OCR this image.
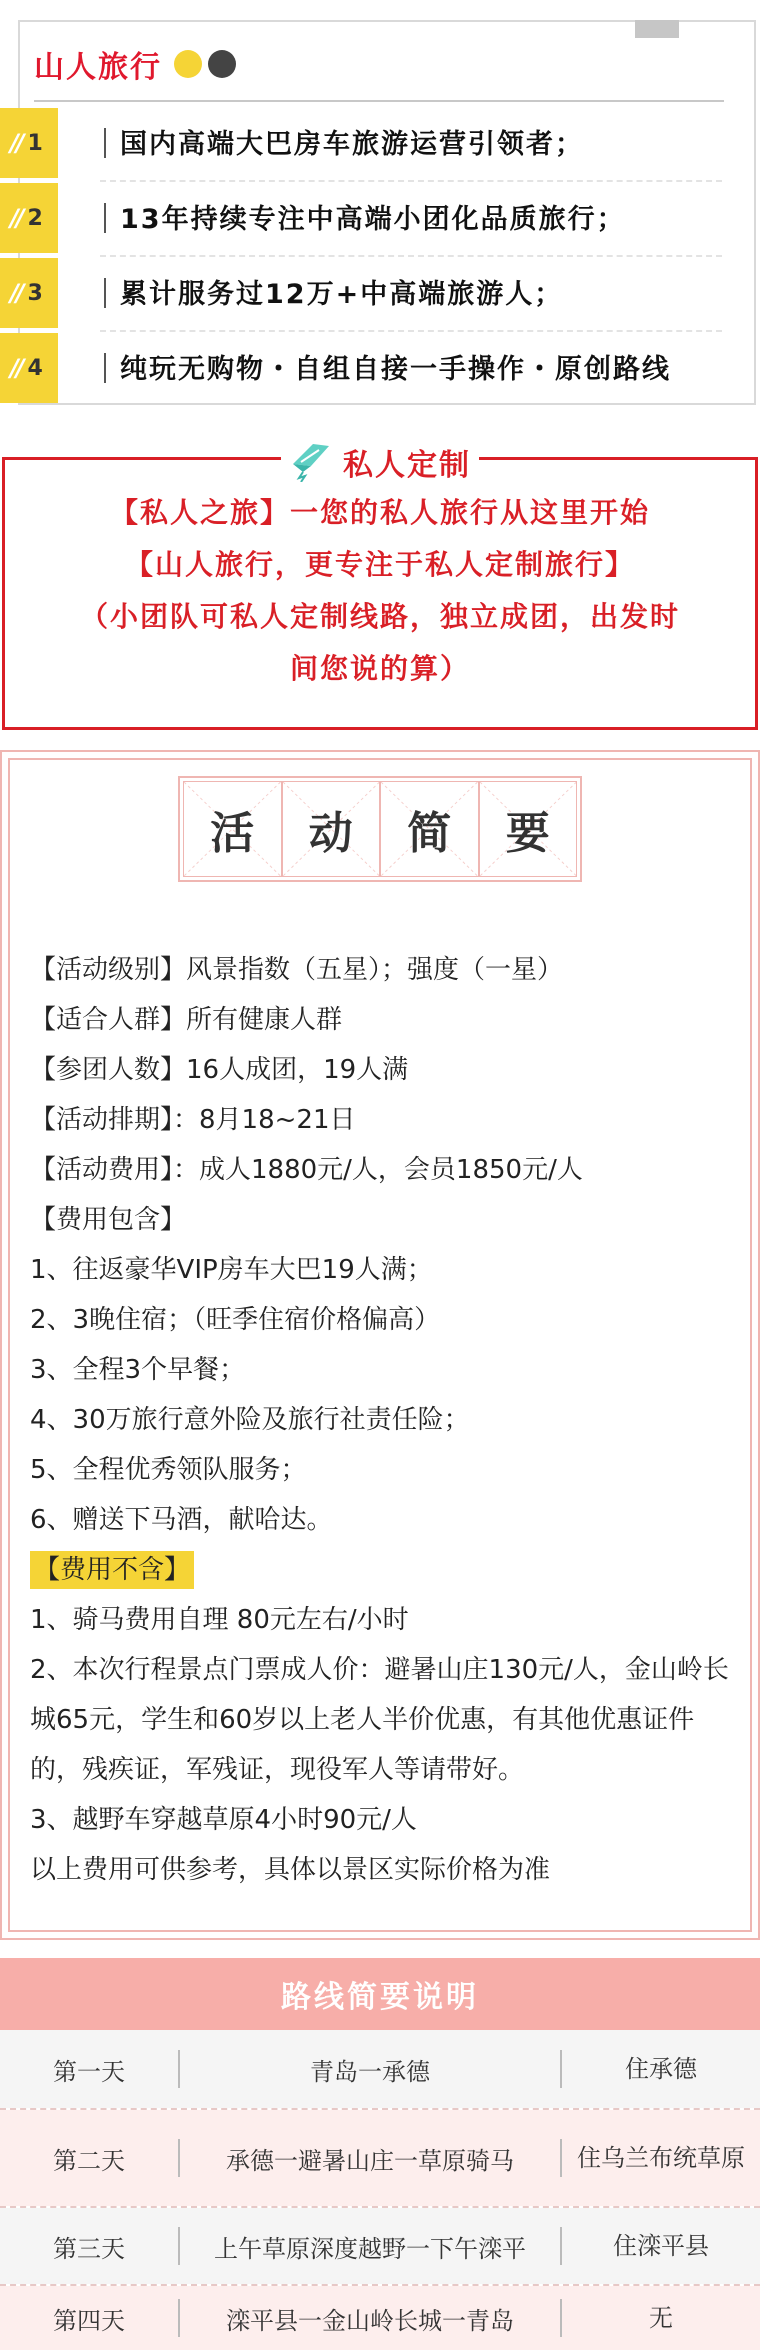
山人旅行
// 1	国内高端大巴房车旅游运营引领者；
// 2	13年持续专注中高端小团化品质旅行；
// 3	累计服务过12万+中高端旅游人；
// 4	纯玩无购物・自组自接一手操作・原创路线
私人定制
【私人之旅】一您的私人旅行从这里开始
【山人旅行，更专注于私人定制旅行】
（小团队可私人定制线路，独立成团，出发时
间您说的算）
活 动 简 要
【活动级别】风景指数（五星）；强度（一星）
【适合人群】所有健康人群
【参团人数】16人成团，19人满
【活动排期】：8月18~21日
【活动费用】：成人1880元/人，会员1850元/人
【费用包含】
1、往返豪华VIP房车大巴19人满；
2、3晚住宿；（旺季住宿价格偏高）
3、全程3个早餐；
4、30万旅行意外险及旅行社责任险；
5、全程优秀领队服务；
6、赠送下马酒，献哈达。
【费用不含】
1、骑马费用自理 80元左右/小时
2、本次行程景点门票成人价：避暑山庄130元/人，金山岭长城65元，学生和60岁以上老人半价优惠，有其他优惠证件的，残疾证，军残证，现役军人等请带好。
3、越野车穿越草原4小时90元/人
以上费用可供参考，具体以景区实际价格为准
路线简要说明
第一天	青岛一承德	住承德
第二天	承德一避暑山庄一草原骑马	住乌兰布统草原
第三天	上午草原深度越野一下午滦平	住滦平县
第四天	滦平县一金山岭长城一青岛	无
